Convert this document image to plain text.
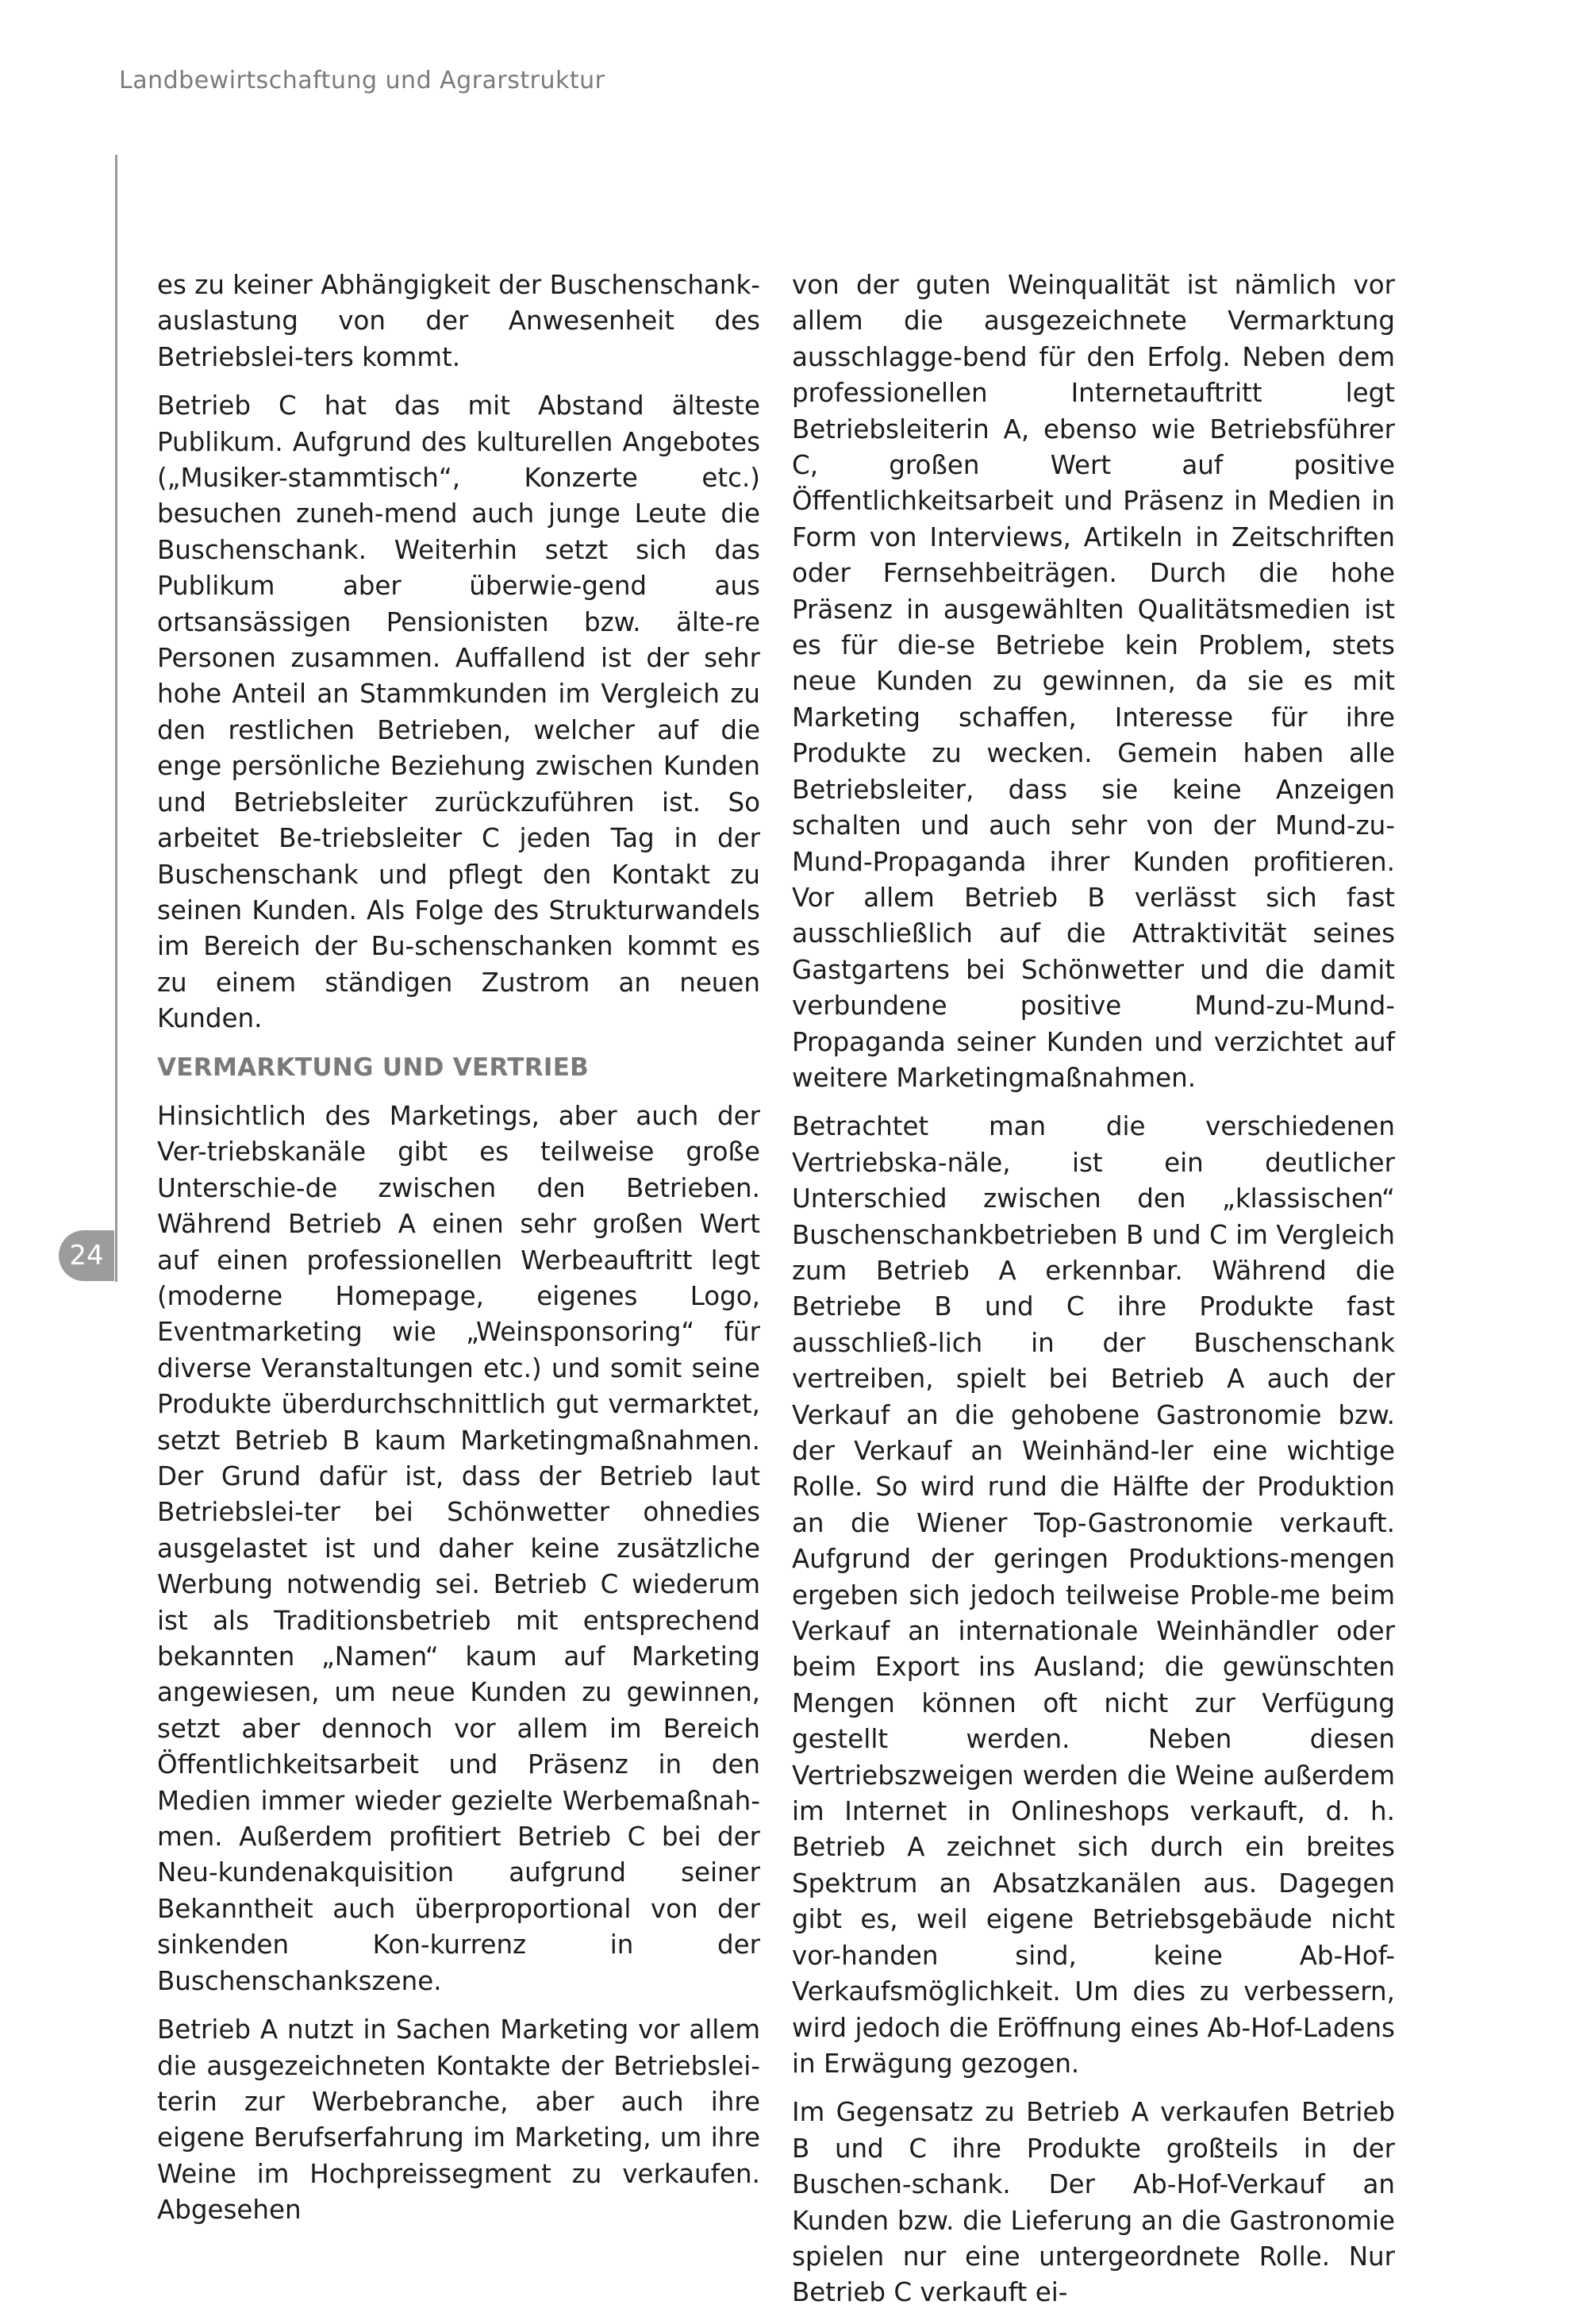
Landbewirtschaftung und Agrarstruktur
24

es zu keiner Abhängigkeit der Buschenschank-auslastung von der Anwesenheit des Betriebslei-ters kommt.

Betrieb C hat das mit Abstand älteste Publikum. Aufgrund des kulturellen Angebotes („Musiker-stammtisch“, Konzerte etc.) besuchen zuneh-mend auch junge Leute die Buschenschank. Weiterhin setzt sich das Publikum aber überwie-gend aus ortsansässigen Pensionisten bzw. älte-re Personen zusammen. Auffallend ist der sehr hohe Anteil an Stammkunden im Vergleich zu den restlichen Betrieben, welcher auf die enge persönliche Beziehung zwischen Kunden und Betriebsleiter zurückzuführen ist. So arbeitet Be-triebsleiter C jeden Tag in der Buschenschank und pflegt den Kontakt zu seinen Kunden. Als Folge des Strukturwandels im Bereich der Bu-schenschanken kommt es zu einem ständigen Zustrom an neuen Kunden.

VERMARKTUNG UND VERTRIEB

Hinsichtlich des Marketings, aber auch der Ver-triebskanäle gibt es teilweise große Unterschie-de zwischen den Betrieben. Während Betrieb A einen sehr großen Wert auf einen professionellen Werbeauftritt legt (moderne Homepage, eigenes Logo, Eventmarketing wie „Weinsponsoring“ für diverse Veranstaltungen etc.) und somit seine Produkte überdurchschnittlich gut vermarktet, setzt Betrieb B kaum Marketingmaßnahmen. Der Grund dafür ist, dass der Betrieb laut Betriebslei-ter bei Schönwetter ohnedies ausgelastet ist und daher keine zusätzliche Werbung notwendig sei. Betrieb C wiederum ist als Traditionsbetrieb mit entsprechend bekannten „Namen“ kaum auf Marketing angewiesen, um neue Kunden zu gewinnen, setzt aber dennoch vor allem im Bereich Öffentlichkeitsarbeit und Präsenz in den Medien immer wieder gezielte Werbemaßnah-men. Außerdem profitiert Betrieb C bei der Neu-kundenakquisition aufgrund seiner Bekanntheit auch überproportional von der sinkenden Kon-kurrenz in der Buschenschankszene.

Betrieb A nutzt in Sachen Marketing vor allem die ausgezeichneten Kontakte der Betriebslei-terin zur Werbebranche, aber auch ihre eigene Berufserfahrung im Marketing, um ihre Weine im Hochpreissegment zu verkaufen. Abgesehen

von der guten Weinqualität ist nämlich vor allem die ausgezeichnete Vermarktung ausschlagge-bend für den Erfolg. Neben dem professionellen Internetauftritt legt Betriebsleiterin A, ebenso wie Betriebsführer C, großen Wert auf positive Öffentlichkeitsarbeit und Präsenz in Medien in Form von Interviews, Artikeln in Zeitschriften oder Fernsehbeiträgen. Durch die hohe Präsenz in ausgewählten Qualitätsmedien ist es für die-se Betriebe kein Problem, stets neue Kunden zu gewinnen, da sie es mit Marketing schaffen, Interesse für ihre Produkte zu wecken. Gemein haben alle Betriebsleiter, dass sie keine Anzeigen schalten und auch sehr von der Mund-zu-Mund-Propaganda ihrer Kunden profitieren. Vor allem Betrieb B verlässt sich fast ausschließlich auf die Attraktivität seines Gastgartens bei Schönwetter und die damit verbundene positive Mund-zu-Mund-Propaganda seiner Kunden und verzichtet auf weitere Marketingmaßnahmen.

Betrachtet man die verschiedenen Vertriebska-näle, ist ein deutlicher Unterschied zwischen den „klassischen“ Buschenschankbetrieben B und C im Vergleich zum Betrieb A erkennbar. Während die Betriebe B und C ihre Produkte fast ausschließ-lich in der Buschenschank vertreiben, spielt bei Betrieb A auch der Verkauf an die gehobene Gastronomie bzw. der Verkauf an Weinhänd-ler eine wichtige Rolle. So wird rund die Hälfte der Produktion an die Wiener Top-Gastronomie verkauft. Aufgrund der geringen Produktions-mengen ergeben sich jedoch teilweise Proble-me beim Verkauf an internationale Weinhändler oder beim Export ins Ausland; die gewünschten Mengen können oft nicht zur Verfügung gestellt werden. Neben diesen Vertriebszweigen werden die Weine außerdem im Internet in Onlineshops verkauft, d. h. Betrieb A zeichnet sich durch ein breites Spektrum an Absatzkanälen aus. Dagegen gibt es, weil eigene Betriebsgebäude nicht vor-handen sind, keine Ab-Hof-Verkaufsmöglichkeit. Um dies zu verbessern, wird jedoch die Eröffnung eines Ab-Hof-Ladens in Erwägung gezogen.

Im Gegensatz zu Betrieb A verkaufen Betrieb B und C ihre Produkte großteils in der Buschen-schank. Der Ab-Hof-Verkauf an Kunden bzw. die Lieferung an die Gastronomie spielen nur eine untergeordnete Rolle. Nur Betrieb C verkauft ei-
